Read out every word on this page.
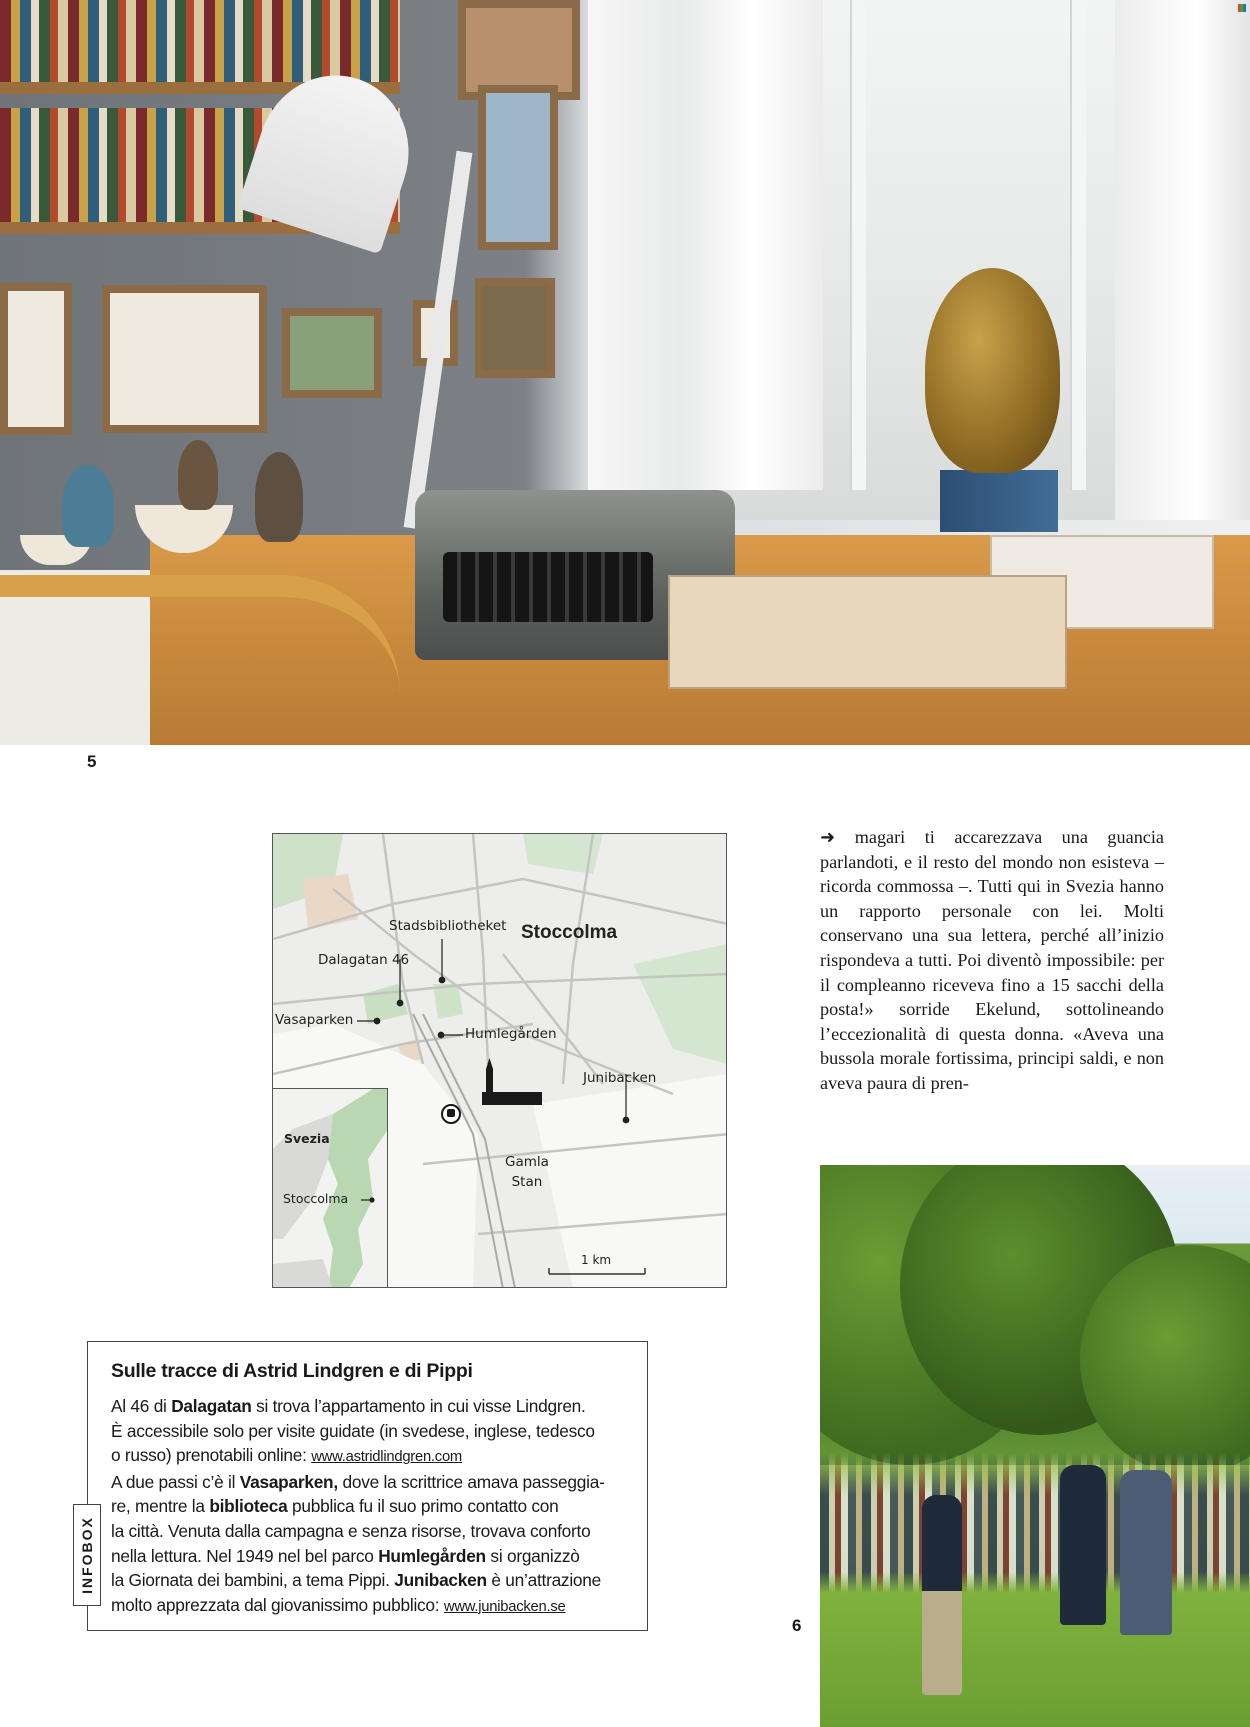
5
Stoccolma
Stadsbibliotheket
Dalagatan 46
Vasaparken
Humlegården
Junibacken
Gamla
Stan
1 km
Svezia
Stoccolma

➜ magari ti accarezzava una guancia parlandoti, e il resto del mondo non esisteva – ricorda commossa –. Tutti qui in Svezia hanno un rapporto personale con lei. Molti conservano una sua lettera, perché all’inizio rispondeva a tutti. Poi diventò impossibile: per il compleanno riceveva fino a 15 sacchi della posta!» sorride Ekelund, sottolineando l’eccezionalità di questa donna. «Aveva una bussola morale fortissima, principi saldi, e non aveva paura di pren-

6
Sulle tracce di Astrid Lindgren e di Pippi

Al 46 di Dalagatan si trova l’appartamento in cui visse Lindgren.

È accessibile solo per visite guidate (in svedese, inglese, tedesco

o russo) prenotabili online: www.astridlindgren.com

A due passi c’è il Vasaparken, dove la scrittrice amava passeggia-

re, mentre la biblioteca pubblica fu il suo primo contatto con

la città. Venuta dalla campagna e senza risorse, trovava conforto

nella lettura. Nel 1949 nel bel parco Humlegården si organizzò

la Giornata dei bambini, a tema Pippi. Junibacken è un’attrazione

molto apprezzata dal giovanissimo pubblico: www.junibacken.se

INFOBOX
